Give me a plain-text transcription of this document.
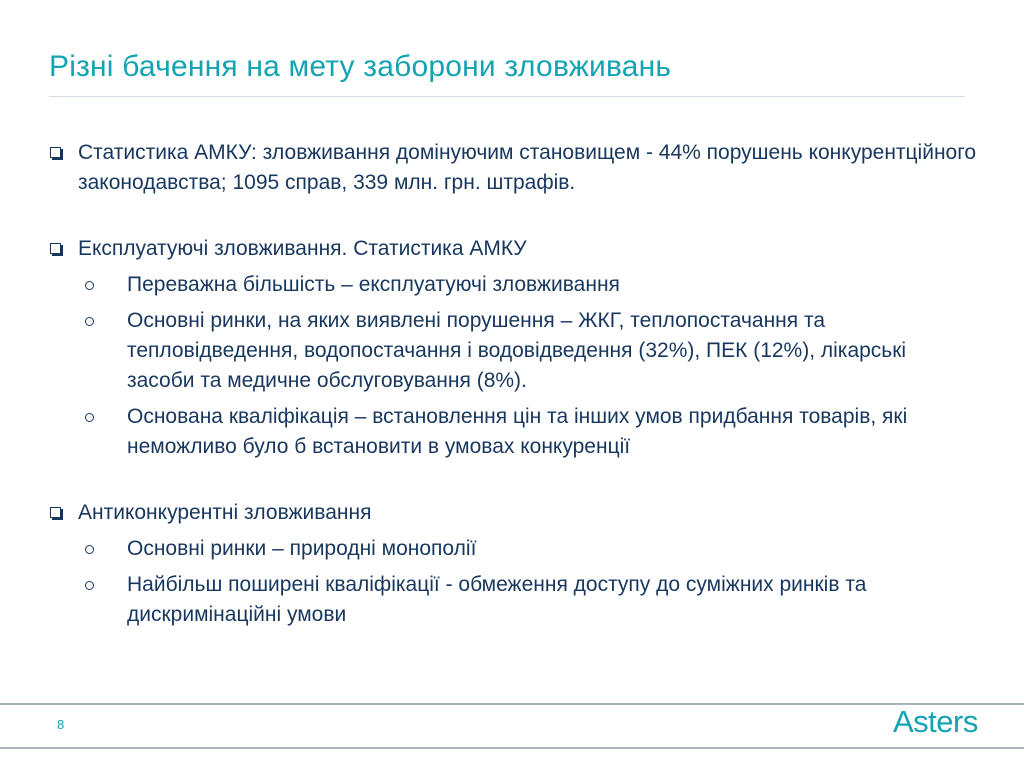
Різні бачення на мету заборони зловживань
Статистика АМКУ: зловживання домінуючим становищем - 44% порушень конкурентційного законодавства; 1095 справ, 339 млн. грн. штрафів.
Експлуатуючі зловживання. Статистика АМКУ
Переважна більшість – експлуатуючі зловживання
Основні ринки, на яких виявлені порушення – ЖКГ, теплопостачання та тепловідведення, водопостачання і водовідведення (32%), ПЕК (12%), лікарські засоби та медичне обслуговування (8%).
Основана кваліфікація – встановлення цін та інших умов придбання товарів, які неможливо було б встановити в умовах конкуренції
Антиконкурентні зловживання
Основні ринки – природні монополії
Найбільш поширені кваліфікації - обмеження доступу до суміжних ринків та дискримінаційні умови
8	Asters
